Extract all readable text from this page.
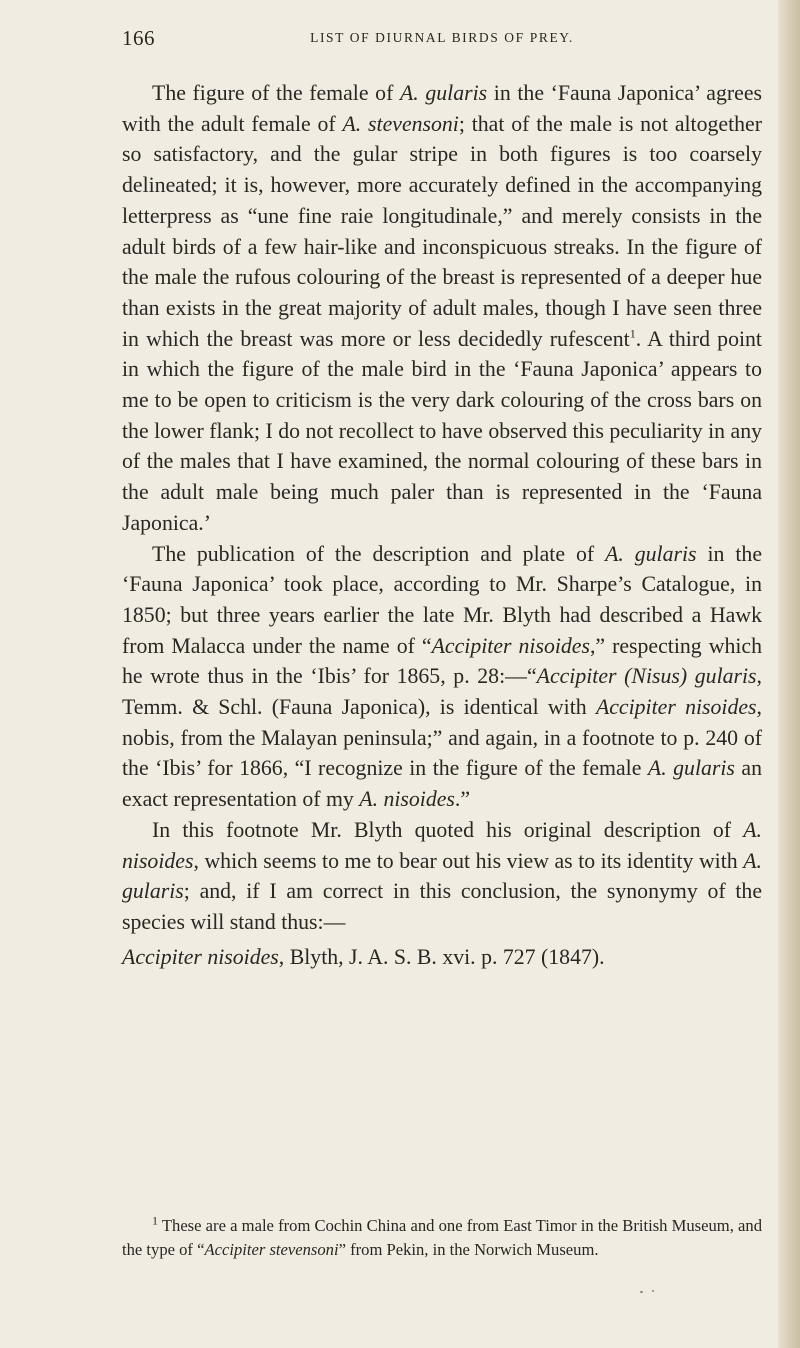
166	LIST OF DIURNAL BIRDS OF PREY.

The figure of the female of A. gularis in the ‘Fauna Japonica’ agrees with the adult female of A. stevensoni; that of the male is not altogether so satisfactory, and the gular stripe in both figures is too coarsely delineated; it is, however, more accurately defined in the accompanying letterpress as “une fine raie longitudinale,” and merely consists in the adult birds of a few hair-like and inconspicuous streaks. In the figure of the male the rufous colouring of the breast is represented of a deeper hue than exists in the great majority of adult males, though I have seen three in which the breast was more or less decidedly rufescent$^1$. A third point in which the figure of the male bird in the ‘Fauna Japonica’ appears to me to be open to criticism is the very dark colouring of the cross bars on the lower flank; I do not recollect to have observed this peculiarity in any of the males that I have examined, the normal colouring of these bars in the adult male being much paler than is represented in the ‘Fauna Japonica.’

The publication of the description and plate of A. gularis in the ‘Fauna Japonica’ took place, according to Mr. Sharpe’s Catalogue, in 1850; but three years earlier the late Mr. Blyth had described a Hawk from Malacca under the name of “Accipiter nisoides,” respecting which he wrote thus in the ‘Ibis’ for 1865, p. 28:—“Accipiter (Nisus) gularis, Temm. & Schl. (Fauna Japonica), is identical with Accipiter nisoides, nobis, from the Malayan peninsula;” and again, in a footnote to p. 240 of the ‘Ibis’ for 1866, “I recognize in the figure of the female A. gularis an exact representation of my A. nisoides.”

In this footnote Mr. Blyth quoted his original description of A. nisoides, which seems to me to bear out his view as to its identity with A. gularis; and, if I am correct in this conclusion, the synonymy of the species will stand thus:—

Accipiter nisoides, Blyth, J. A. S. B. xvi. p. 727 (1847).

$^1$ These are a male from Cochin China and one from East Timor in the British Museum, and the type of “Accipiter stevensoni” from Pekin, in the Norwich Museum.
